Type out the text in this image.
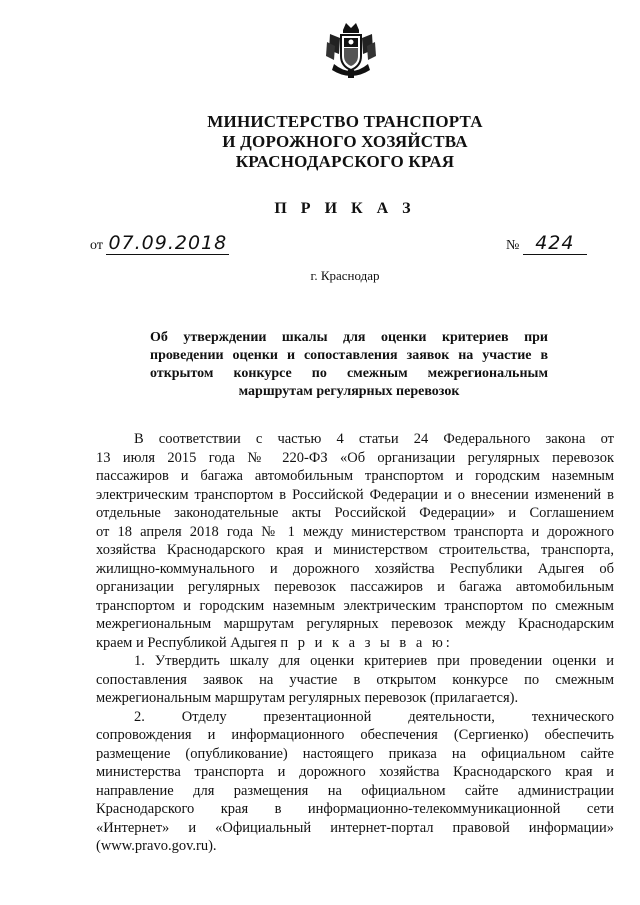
МИНИСТЕРСТВО ТРАНСПОРТА
И ДОРОЖНОГО ХОЗЯЙСТВА
КРАСНОДАРСКОГО КРАЯ
П Р И К А З
от 07.09.2018	№ 424
г. Краснодар
Об утверждении шкалы для оценки критериев при
проведении оценки и сопоставления заявок на участие в
открытом конкурсе по смежным межрегиональным
маршрутам регулярных перевозок
В соответствии с частью 4 статьи 24 Федерального закона от
13 июля 2015 года № 220-ФЗ «Об организации регулярных перевозок
пассажиров и багажа автомобильным транспортом и городским наземным
электрическим транспортом в Российской Федерации и о внесении изменений в
отдельные законодательные акты Российской Федерации» и Соглашением
от 18 апреля 2018 года № 1 между министерством транспорта и дорожного
хозяйства Краснодарского края и министерством строительства, транспорта,
жилищно-коммунального и дорожного хозяйства Республики Адыгея об
организации регулярных перевозок пассажиров и багажа автомобильным
транспортом и городским наземным электрическим транспортом по смежным
межрегиональным маршрутам регулярных перевозок между Краснодарским
краем и Республикой Адыгея п р и к а з ы в а ю:
1. Утвердить шкалу для оценки критериев при проведении оценки и
сопоставления заявок на участие в открытом конкурсе по смежным
межрегиональным маршрутам регулярных перевозок (прилагается).
2. Отделу презентационной деятельности, технического
сопровождения и информационного обеспечения (Сергиенко) обеспечить
размещение (опубликование) настоящего приказа на официальном сайте
министерства транспорта и дорожного хозяйства Краснодарского края и
направление для размещения на официальном сайте администрации
Краснодарского края в информационно-телекоммуникационной сети
«Интернет» и «Официальный интернет-портал правовой информации»
(www.pravo.gov.ru).
